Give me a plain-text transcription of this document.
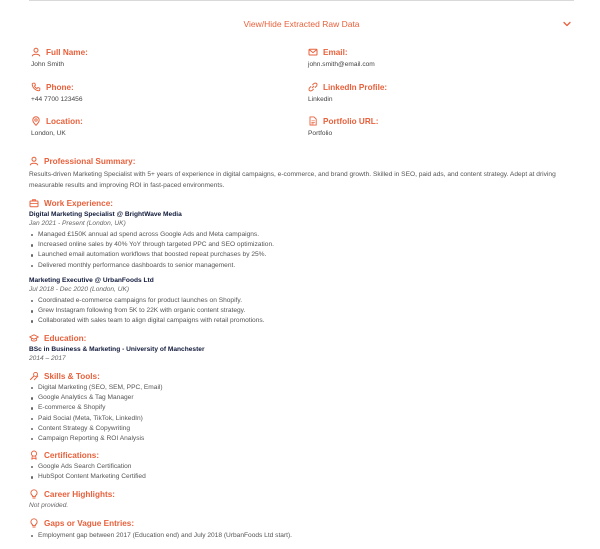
View/Hide Extracted Raw Data
Full Name:
John Smith
Email:
john.smith@email.com
Phone:
+44 7700 123456
LinkedIn Profile:
Linkedin
Location:
London, UK
Portfolio URL:
Portfolio
Professional Summary:
Results-driven Marketing Specialist with 5+ years of experience in digital campaigns, e-commerce, and brand growth. Skilled in SEO, paid ads, and content strategy. Adept at driving measurable results and improving ROI in fast-paced environments.
Work Experience:
Digital Marketing Specialist @ BrightWave Media
Jan 2021 - Present (London, UK)
Managed £150K annual ad spend across Google Ads and Meta campaigns.
Increased online sales by 40% YoY through targeted PPC and SEO optimization.
Launched email automation workflows that boosted repeat purchases by 25%.
Delivered monthly performance dashboards to senior management.
Marketing Executive @ UrbanFoods Ltd
Jul 2018 - Dec 2020 (London, UK)
Coordinated e-commerce campaigns for product launches on Shopify.
Grew Instagram following from 5K to 22K with organic content strategy.
Collaborated with sales team to align digital campaigns with retail promotions.
Education:
BSc in Business & Marketing - University of Manchester
2014 – 2017
Skills & Tools:
Digital Marketing (SEO, SEM, PPC, Email)
Google Analytics & Tag Manager
E-commerce & Shopify
Paid Social (Meta, TikTok, LinkedIn)
Content Strategy & Copywriting
Campaign Reporting & ROI Analysis
Certifications:
Google Ads Search Certification
HubSpot Content Marketing Certified
Career Highlights:
Not provided.
Gaps or Vague Entries:
Employment gap between 2017 (Education end) and July 2018 (UrbanFoods Ltd start).
